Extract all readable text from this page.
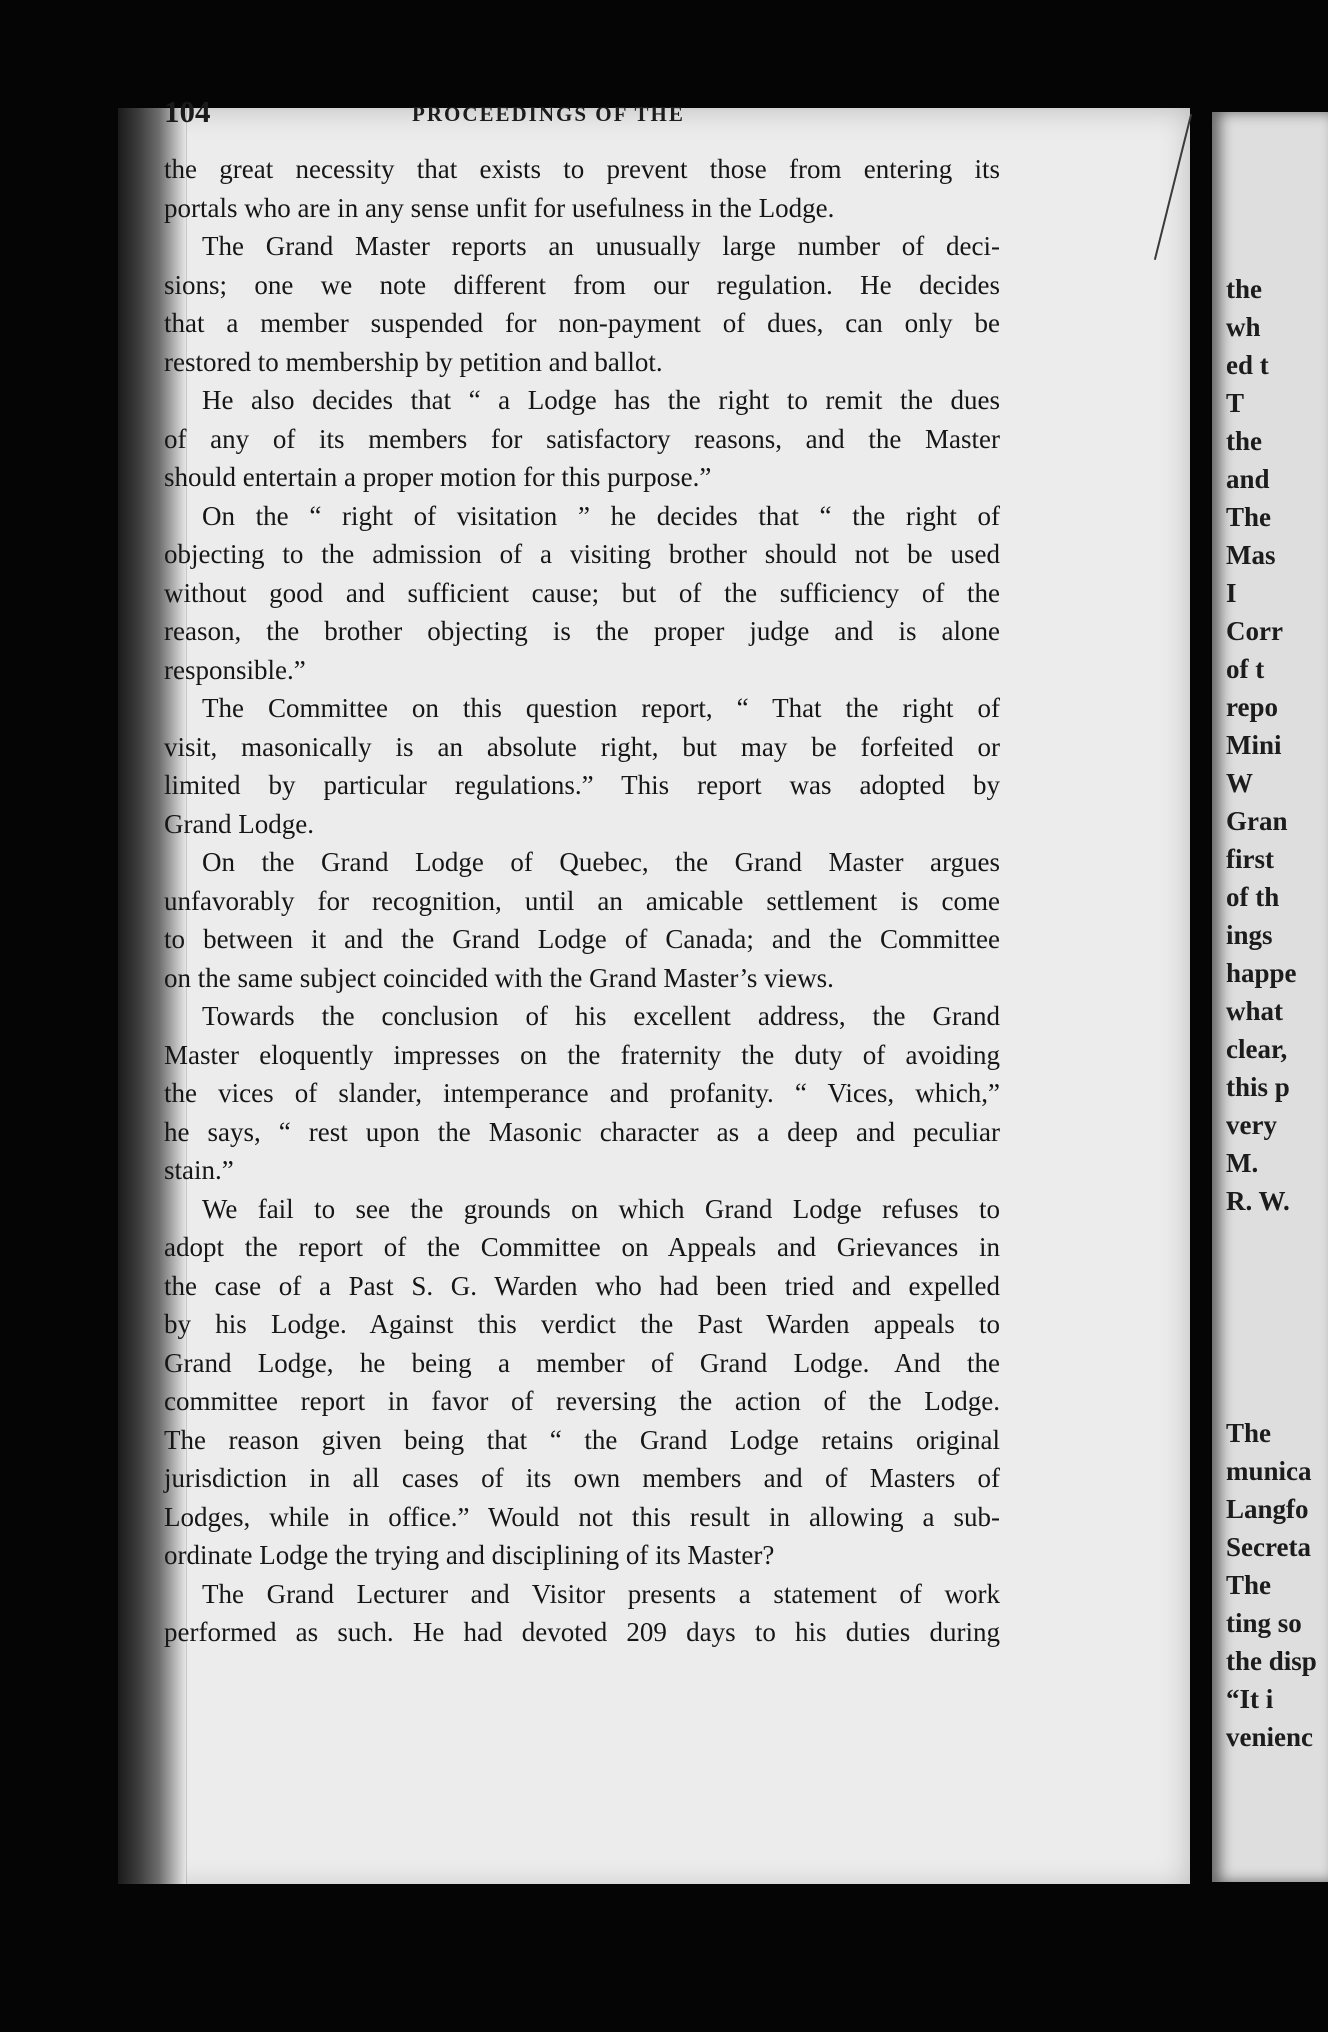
104	PROCEEDINGS OF THE
the great necessity that exists to prevent those from entering its
portals who are in any sense unfit for usefulness in the Lodge.
The Grand Master reports an unusually large number of deci-
sions; one we note different from our regulation. He decides
that a member suspended for non-payment of dues, can only be
restored to membership by petition and ballot.
He also decides that “ a Lodge has the right to remit the dues
of any of its members for satisfactory reasons, and the Master
should entertain a proper motion for this purpose.”
On the “ right of visitation ” he decides that “ the right of
objecting to the admission of a visiting brother should not be used
without good and sufficient cause; but of the sufficiency of the
reason, the brother objecting is the proper judge and is alone
responsible.”
The Committee on this question report, “ That the right of
visit, masonically is an absolute right, but may be forfeited or
limited by particular regulations.” This report was adopted by
Grand Lodge.
On the Grand Lodge of Quebec, the Grand Master argues
unfavorably for recognition, until an amicable settlement is come
to between it and the Grand Lodge of Canada; and the Committee
on the same subject coincided with the Grand Master’s views.
Towards the conclusion of his excellent address, the Grand
Master eloquently impresses on the fraternity the duty of avoiding
the vices of slander, intemperance and profanity. “ Vices, which,”
he says, “ rest upon the Masonic character as a deep and peculiar
stain.”
We fail to see the grounds on which Grand Lodge refuses to
adopt the report of the Committee on Appeals and Grievances in
the case of a Past S. G. Warden who had been tried and expelled
by his Lodge. Against this verdict the Past Warden appeals to
Grand Lodge, he being a member of Grand Lodge. And the
committee report in favor of reversing the action of the Lodge.
The reason given being that “ the Grand Lodge retains original
jurisdiction in all cases of its own members and of Masters of
Lodges, while in office.” Would not this result in allowing a sub-
ordinate Lodge the trying and disciplining of its Master?
The Grand Lecturer and Visitor presents a statement of work
performed as such. He had devoted 209 days to his duties during
the
wh
ed t
T
the
and
The
Mas
I
Corr
of t
repo
Mini
W
Gran
first
of th
ings
happe
what
clear,
this p
very
M.
R. W.
The
munica
Langfo
Secreta
The
ting so
the disp
“It i
venienc
